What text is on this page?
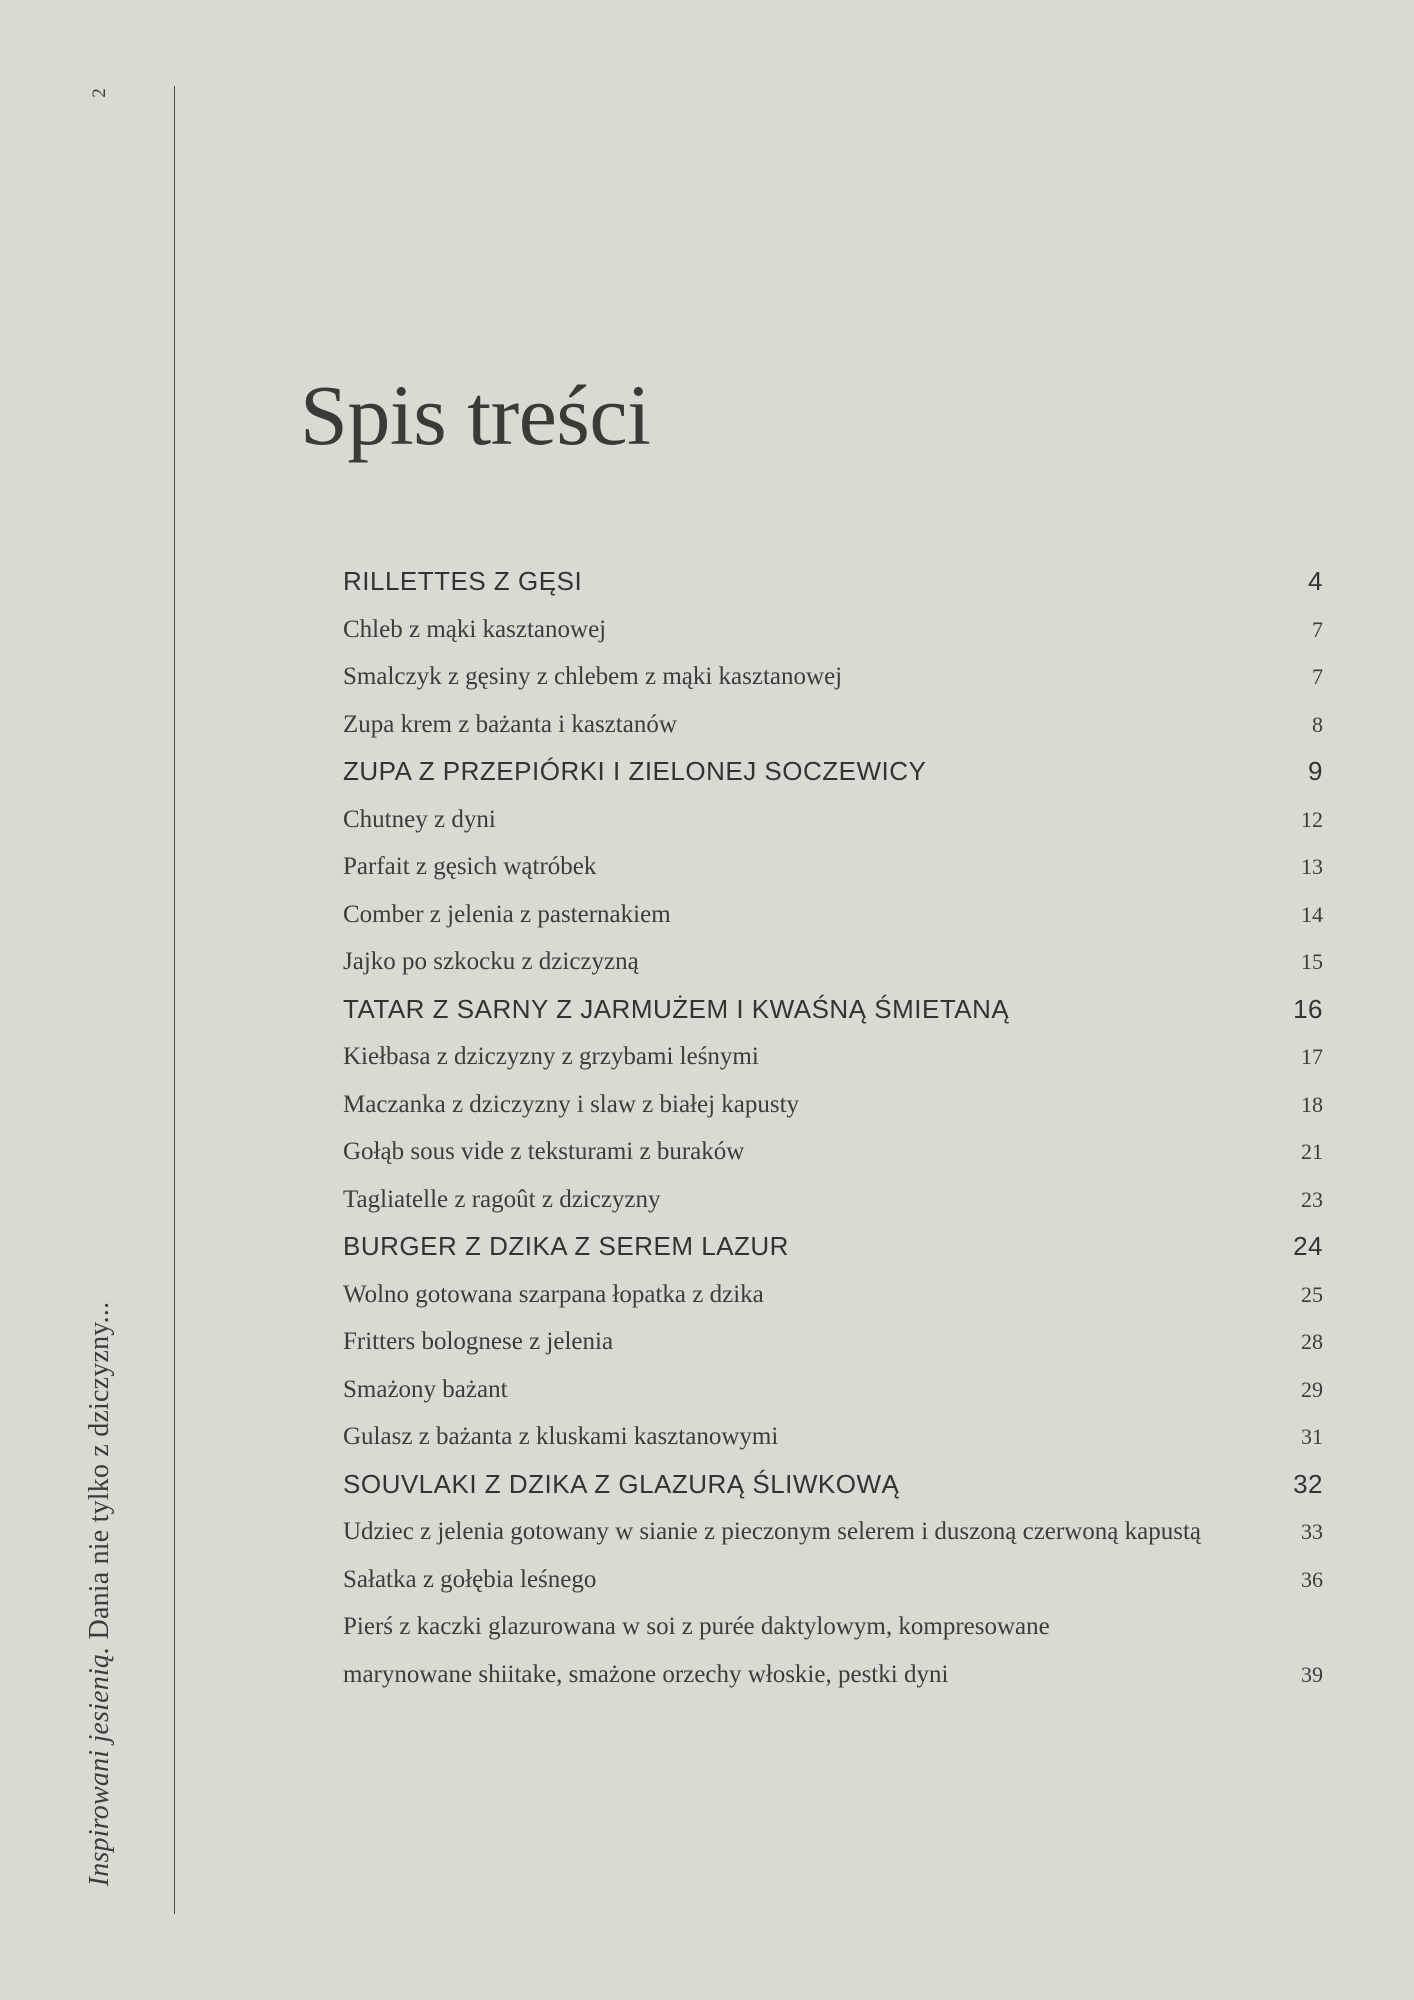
2
Inspirowani jesienią. Dania nie tylko z dziczyzny...
Spis treści
RILLETTES Z GĘSI	4
Chleb z mąki kasztanowej	7
Smalczyk z gęsiny z chlebem z mąki kasztanowej	7
Zupa krem z bażanta i kasztanów	8
ZUPA Z PRZEPIÓRKI I ZIELONEJ SOCZEWICY	9
Chutney z dyni	12
Parfait z gęsich wątróbek	13
Comber z jelenia z pasternakiem	14
Jajko po szkocku z dziczyzną	15
TATAR Z SARNY Z JARMUŻEM I KWAŚNĄ ŚMIETANĄ	16
Kiełbasa z dziczyzny z grzybami leśnymi	17
Maczanka z dziczyzny i slaw z białej kapusty	18
Gołąb sous vide z teksturami z buraków	21
Tagliatelle z ragoût z dziczyzny	23
BURGER Z DZIKA Z SEREM LAZUR	24
Wolno gotowana szarpana łopatka z dzika	25
Fritters bolognese z jelenia	28
Smażony bażant	29
Gulasz z bażanta z kluskami kasztanowymi	31
SOUVLAKI Z DZIKA Z GLAZURĄ ŚLIWKOWĄ	32
Udziec z jelenia gotowany w sianie z pieczonym selerem i duszoną czerwoną kapustą	33
Sałatka z gołębia leśnego	36
Pierś z kaczki glazurowana w soi z purée daktylowym, kompresowane
marynowane shiitake, smażone orzechy włoskie, pestki dyni	39
